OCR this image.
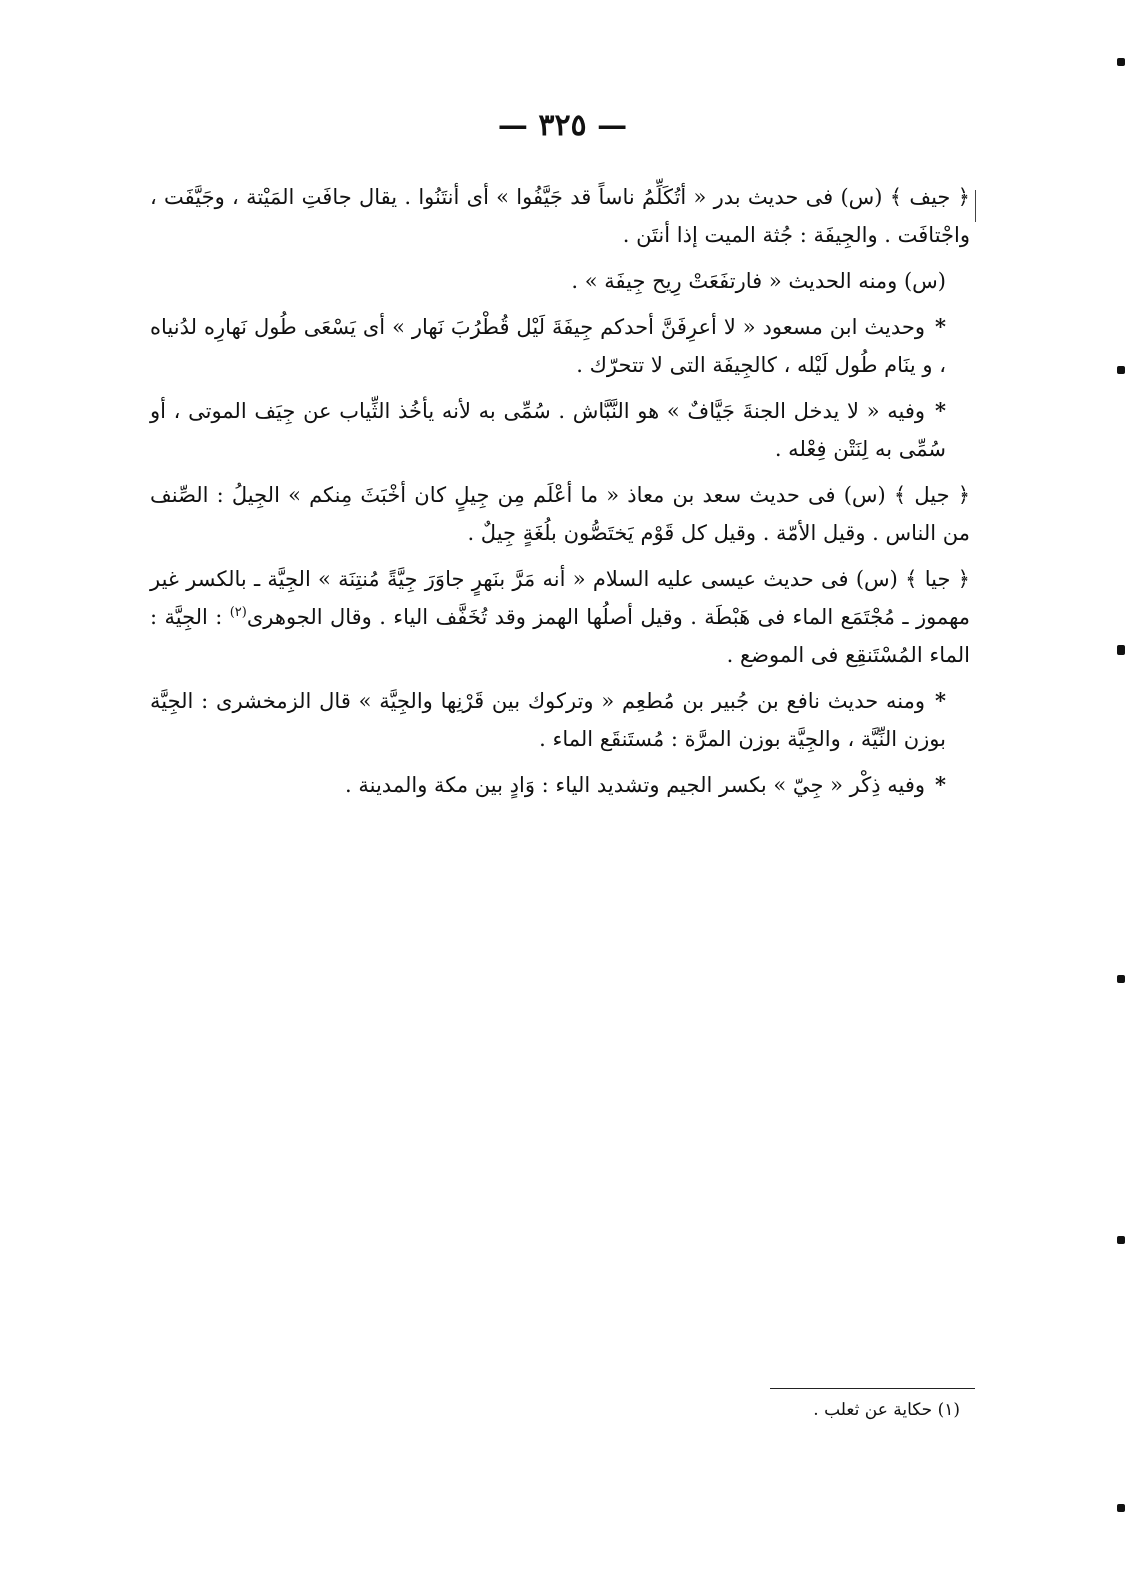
— ٣٢٥ —

﴿ جيف ﴾ (س) فى حديث بدر « أتُكَلِّمُ ناساً قد جَيَّفُوا » أى أنتَنُوا . يقال جافَتِ المَيْتة ، وجَيَّفَت ، واجْتافَت . والجِيفَة : جُثة الميت إذا أنتَن .

(س) ومنه الحديث « فارتفَعَتْ رِيح جِيفَة » .

*وحديث ابن مسعود « لا أعرِفَنَّ أحدكم جِيفَةَ لَيْل قُطْرُبَ نَهار » أى يَسْعَى طُول نَهارِه لدُنياه ، و ينَام طُول لَيْله ، كالجِيفَة التى لا تتحرّك .

*وفيه « لا يدخل الجنةَ جَيَّافٌ » هو النَّبَّاش . سُمِّى به لأنه يأخُذ الثِّياب عن جِيَف الموتى ، أو سُمِّى به لِنَتْن فِعْله .

﴿ جيل ﴾ (س) فى حديث سعد بن معاذ « ما أعْلَم مِن جِيلٍ كان أخْبَثَ مِنكم » الجِيلُ : الصِّنف من الناس . وقيل الأمّة . وقيل كل قَوْم يَختَصُّون بلُغَةٍ جِيلٌ .

﴿ جيا ﴾ (س) فى حديث عيسى عليه السلام « أنه مَرَّ بنَهرٍ جاوَرَ جِيَّةً مُنتِنَة » الجِيَّة ـ بالكسر غير مهموز ـ مُجْتَمَع الماء فى هَبْطَة . وقيل أصلُها الهمز وقد تُخَفَّف الياء . وقال الجوهرى$^{(٢)}$ : الجِيَّة : الماء المُسْتَنقِع فى الموضع .

*ومنه حديث نافع بن جُبير بن مُطعِم « وتركوك بين قَرْنِها والجِيَّة » قال الزمخشرى : الجِيَّة بوزن النِّيَّة ، والجِيَّة بوزن المرَّة : مُستَنقَع الماء .

*وفيه ذِكْر « جِيّ » بكسر الجيم وتشديد الياء : وَادٍ بين مكة والمدينة .

(١) حكاية عن ثعلب .
